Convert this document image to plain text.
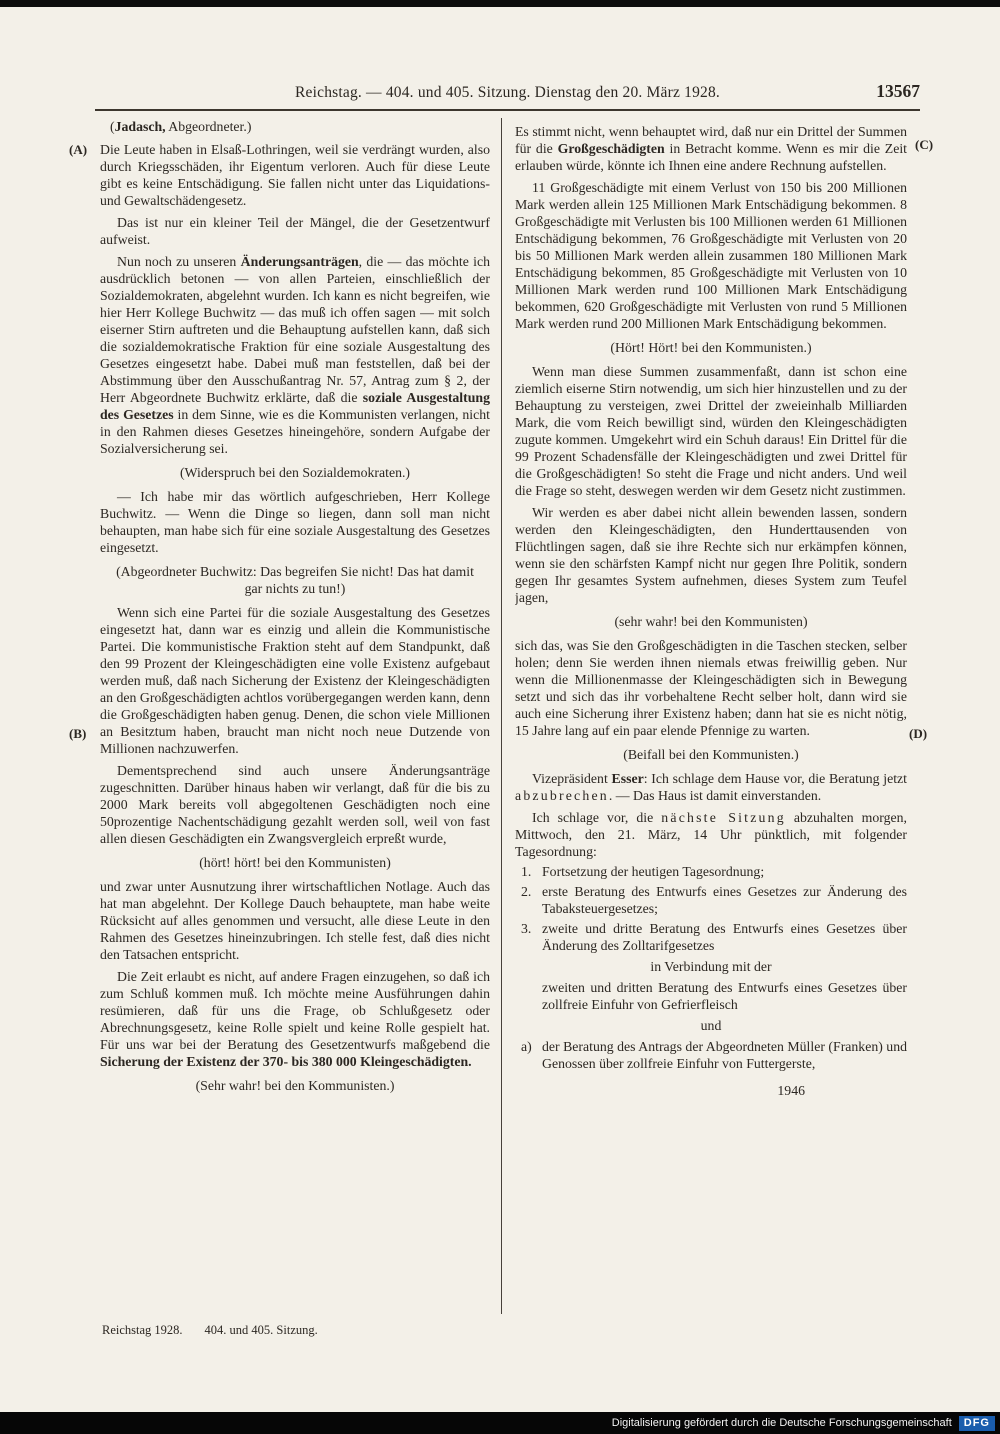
Reichstag. — 404. und 405. Sitzung. Dienstag den 20. März 1928.	13567
(A)
(B)
(C)
(D)
(Jadasch, Abgeordneter.)
Die Leute haben in Elsaß-Lothringen, weil sie verdrängt wurden, also durch Kriegsschäden, ihr Eigentum verloren. Auch für diese Leute gibt es keine Entschädigung. Sie fallen nicht unter das Liquidations- und Gewaltschädengesetz.
Das ist nur ein kleiner Teil der Mängel, die der Gesetzentwurf aufweist.
Nun noch zu unseren Änderungsanträgen, die — das möchte ich ausdrücklich betonen — von allen Parteien, einschließlich der Sozialdemokraten, abgelehnt wurden. Ich kann es nicht begreifen, wie hier Herr Kollege Buchwitz — das muß ich offen sagen — mit solch eiserner Stirn auftreten und die Behauptung aufstellen kann, daß sich die sozialdemokratische Fraktion für eine soziale Ausgestaltung des Gesetzes eingesetzt habe. Dabei muß man feststellen, daß bei der Abstimmung über den Ausschußantrag Nr. 57, Antrag zum § 2, der Herr Abgeordnete Buchwitz erklärte, daß die soziale Ausgestaltung des Gesetzes in dem Sinne, wie es die Kommunisten verlangen, nicht in den Rahmen dieses Gesetzes hineingehöre, sondern Aufgabe der Sozialversicherung sei.
(Widerspruch bei den Sozialdemokraten.)
— Ich habe mir das wörtlich aufgeschrieben, Herr Kollege Buchwitz. — Wenn die Dinge so liegen, dann soll man nicht behaupten, man habe sich für eine soziale Ausgestaltung des Gesetzes eingesetzt.
(Abgeordneter Buchwitz: Das begreifen Sie nicht! Das hat damit gar nichts zu tun!)
Wenn sich eine Partei für die soziale Ausgestaltung des Gesetzes eingesetzt hat, dann war es einzig und allein die Kommunistische Partei. Die kommunistische Fraktion steht auf dem Standpunkt, daß den 99 Prozent der Kleingeschädigten eine volle Existenz aufgebaut werden muß, daß nach Sicherung der Existenz der Kleingeschädigten an den Großgeschädigten achtlos vorübergegangen werden kann, denn die Großgeschädigten haben genug. Denen, die schon viele Millionen an Besitztum haben, braucht man nicht noch neue Dutzende von Millionen nachzuwerfen.
Dementsprechend sind auch unsere Änderungsanträge zugeschnitten. Darüber hinaus haben wir verlangt, daß für die bis zu 2000 Mark bereits voll abgegoltenen Geschädigten noch eine 50prozentige Nachentschädigung gezahlt werden soll, weil von fast allen diesen Geschädigten ein Zwangsvergleich erpreßt wurde,
(hört! hört! bei den Kommunisten)
und zwar unter Ausnutzung ihrer wirtschaftlichen Notlage. Auch das hat man abgelehnt. Der Kollege Dauch behauptete, man habe weite Rücksicht auf alles genommen und versucht, alle diese Leute in den Rahmen des Gesetzes hineinzubringen. Ich stelle fest, daß dies nicht den Tatsachen entspricht.
Die Zeit erlaubt es nicht, auf andere Fragen einzugehen, so daß ich zum Schluß kommen muß. Ich möchte meine Ausführungen dahin resümieren, daß für uns die Frage, ob Schlußgesetz oder Abrechnungsgesetz, keine Rolle spielt und keine Rolle gespielt hat. Für uns war bei der Beratung des Gesetzentwurfs maßgebend die Sicherung der Existenz der 370- bis 380 000 Kleingeschädigten.
(Sehr wahr! bei den Kommunisten.)
Es stimmt nicht, wenn behauptet wird, daß nur ein Drittel der Summen für die Großgeschädigten in Betracht komme. Wenn es mir die Zeit erlauben würde, könnte ich Ihnen eine andere Rechnung aufstellen.
11 Großgeschädigte mit einem Verlust von 150 bis 200 Millionen Mark werden allein 125 Millionen Mark Entschädigung bekommen. 8 Großgeschädigte mit Verlusten bis 100 Millionen werden 61 Millionen Entschädigung bekommen, 76 Großgeschädigte mit Verlusten von 20 bis 50 Millionen Mark werden allein zusammen 180 Millionen Mark Entschädigung bekommen, 85 Großgeschädigte mit Verlusten von 10 Millionen Mark werden rund 100 Millionen Mark Entschädigung bekommen, 620 Großgeschädigte mit Verlusten von rund 5 Millionen Mark werden rund 200 Millionen Mark Entschädigung bekommen.
(Hört! Hört! bei den Kommunisten.)
Wenn man diese Summen zusammenfaßt, dann ist schon eine ziemlich eiserne Stirn notwendig, um sich hier hinzustellen und zu der Behauptung zu versteigen, zwei Drittel der zweieinhalb Milliarden Mark, die vom Reich bewilligt sind, würden den Kleingeschädigten zugute kommen. Umgekehrt wird ein Schuh daraus! Ein Drittel für die 99 Prozent Schadensfälle der Kleingeschädigten und zwei Drittel für die Großgeschädigten! So steht die Frage und nicht anders. Und weil die Frage so steht, deswegen werden wir dem Gesetz nicht zustimmen.
Wir werden es aber dabei nicht allein bewenden lassen, sondern werden den Kleingeschädigten, den Hunderttausenden von Flüchtlingen sagen, daß sie ihre Rechte sich nur erkämpfen können, wenn sie den schärfsten Kampf nicht nur gegen Ihre Politik, sondern gegen Ihr gesamtes System aufnehmen, dieses System zum Teufel jagen,
(sehr wahr! bei den Kommunisten)
sich das, was Sie den Großgeschädigten in die Taschen stecken, selber holen; denn Sie werden ihnen niemals etwas freiwillig geben. Nur wenn die Millionenmasse der Kleingeschädigten sich in Bewegung setzt und sich das ihr vorbehaltene Recht selber holt, dann wird sie auch eine Sicherung ihrer Existenz haben; dann hat sie es nicht nötig, 15 Jahre lang auf ein paar elende Pfennige zu warten.
(Beifall bei den Kommunisten.)
Vizepräsident Esser: Ich schlage dem Hause vor, die Beratung jetzt abzubrechen. — Das Haus ist damit einverstanden.
Ich schlage vor, die nächste Sitzung abzuhalten morgen, Mittwoch, den 21. März, 14 Uhr pünktlich, mit folgender Tagesordnung:
1. Fortsetzung der heutigen Tagesordnung;
2. erste Beratung des Entwurfs eines Gesetzes zur Änderung des Tabaksteuergesetzes;
3. zweite und dritte Beratung des Entwurfs eines Gesetzes über Änderung des Zolltarifgesetzes
in Verbindung mit der
zweiten und dritten Beratung des Entwurfs eines Gesetzes über zollfreie Einfuhr von Gefrierfleisch
und
a) der Beratung des Antrags der Abgeordneten Müller (Franken) und Genossen über zollfreie Einfuhr von Futtergerste,
1946
Reichstag 1928. 404. und 405. Sitzung.
Digitalisierung gefördert durch die Deutsche Forschungsgemeinschaft	DFG
